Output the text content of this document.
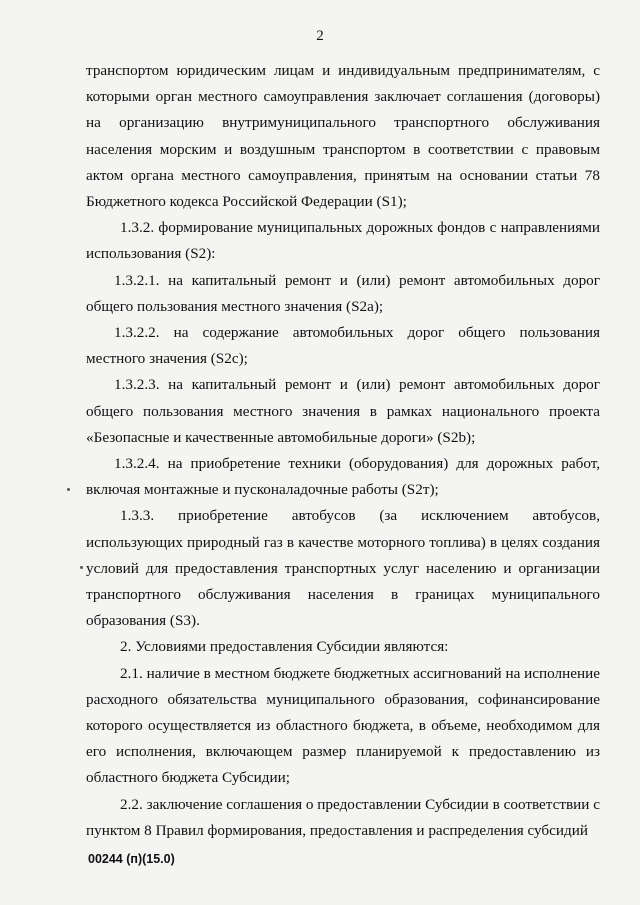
2

транспортом юридическим лицам и индивидуальным предпринимателям, с которыми орган местного самоуправления заключает соглашения (договоры) на организацию внутримуниципального транспортного обслуживания населения морским и воздушным транспортом в соответствии с правовым актом органа местного самоуправления, принятым на основании статьи 78 Бюджетного кодекса Российской Федерации (S1);

1.3.2. формирование муниципальных дорожных фондов с направлениями использования (S2):

1.3.2.1. на капитальный ремонт и (или) ремонт автомобильных дорог общего пользования местного значения (S2a);

1.3.2.2. на содержание автомобильных дорог общего пользования местного значения (S2c);

1.3.2.3. на капитальный ремонт и (или) ремонт автомобильных дорог общего пользования местного значения в рамках национального проекта «Безопасные и качественные автомобильные дороги» (S2b);

1.3.2.4. на приобретение техники (оборудования) для дорожных работ, включая монтажные и пусконаладочные работы (S2т);

1.3.3. приобретение автобусов (за исключением автобусов, использующих природный газ в качестве моторного топлива) в целях создания условий для предоставления транспортных услуг населению и организации транспортного обслуживания населения в границах муниципального образования (S3).

2. Условиями предоставления Субсидии являются:

2.1. наличие в местном бюджете бюджетных ассигнований на исполнение расходного обязательства муниципального образования, софинансирование которого осуществляется из областного бюджета, в объеме, необходимом для его исполнения, включающем размер планируемой к предоставлению из областного бюджета Субсидии;

2.2. заключение соглашения о предоставлении Субсидии в соответствии с пунктом 8 Правил формирования, предоставления и распределения субсидий

00244 (п)(15.0)
